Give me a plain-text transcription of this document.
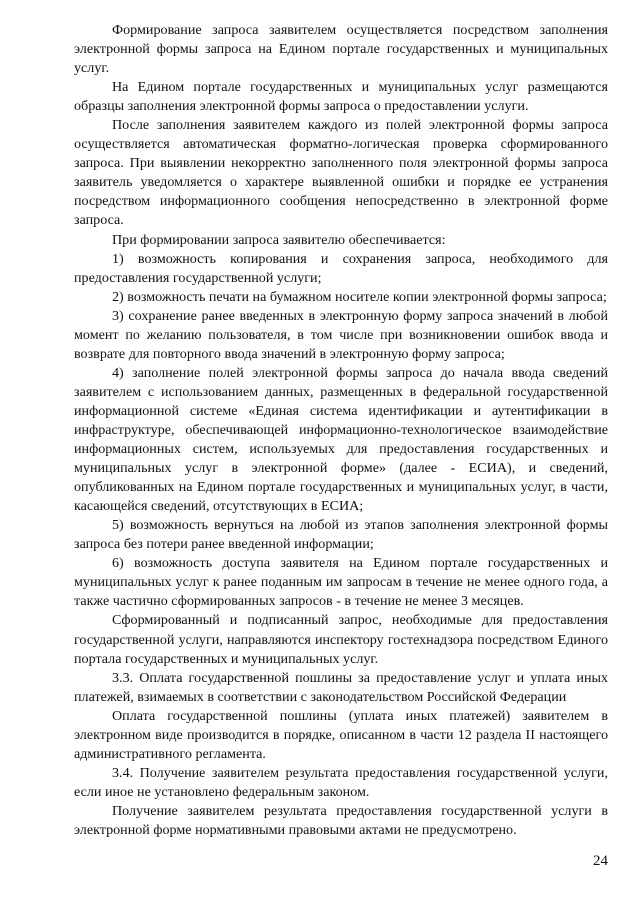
Формирование запроса заявителем осуществляется посредством заполнения электронной формы запроса на Едином портале государственных и муниципальных услуг.

На Едином портале государственных и муниципальных услуг размещаются образцы заполнения электронной формы запроса о предоставлении услуги.

После заполнения заявителем каждого из полей электронной формы запроса осуществляется автоматическая форматно-логическая проверка сформированного запроса. При выявлении некорректно заполненного поля электронной формы запроса заявитель уведомляется о характере выявленной ошибки и порядке ее устранения посредством информационного сообщения непосредственно в электронной форме запроса.

При формировании запроса заявителю обеспечивается:

1) возможность копирования и сохранения запроса, необходимого для предоставления государственной услуги;

2) возможность печати на бумажном носителе копии электронной формы запроса;

3) сохранение ранее введенных в электронную форму запроса значений в любой момент по желанию пользователя, в том числе при возникновении ошибок ввода и возврате для повторного ввода значений в электронную форму запроса;

4) заполнение полей электронной формы запроса до начала ввода сведений заявителем с использованием данных, размещенных в федеральной государственной информационной системе «Единая система идентификации и аутентификации в инфраструктуре, обеспечивающей информационно-технологическое взаимодействие информационных систем, используемых для предоставления государственных и муниципальных услуг в электронной форме» (далее - ЕСИА), и сведений, опубликованных на Едином портале государственных и муниципальных услуг, в части, касающейся сведений, отсутствующих в ЕСИА;

5) возможность вернуться на любой из этапов заполнения электронной формы запроса без потери ранее введенной информации;

6) возможность доступа заявителя на Едином портале государственных и муниципальных услуг к ранее поданным им запросам в течение не менее одного года, а также частично сформированных запросов - в течение не менее 3 месяцев.

Сформированный и подписанный запрос, необходимые для предоставления государственной услуги, направляются инспектору гостехнадзора посредством Единого портала государственных и муниципальных услуг.

3.3. Оплата государственной пошлины за предоставление услуг и уплата иных платежей, взимаемых в соответствии с законодательством Российской Федерации

Оплата государственной пошлины (уплата иных платежей) заявителем в электронном виде производится в порядке, описанном в части 12 раздела II настоящего административного регламента.

3.4. Получение заявителем результата предоставления государственной услуги, если иное не установлено федеральным законом.

Получение заявителем результата предоставления государственной услуги в электронной форме нормативными правовыми актами не предусмотрено.

24
